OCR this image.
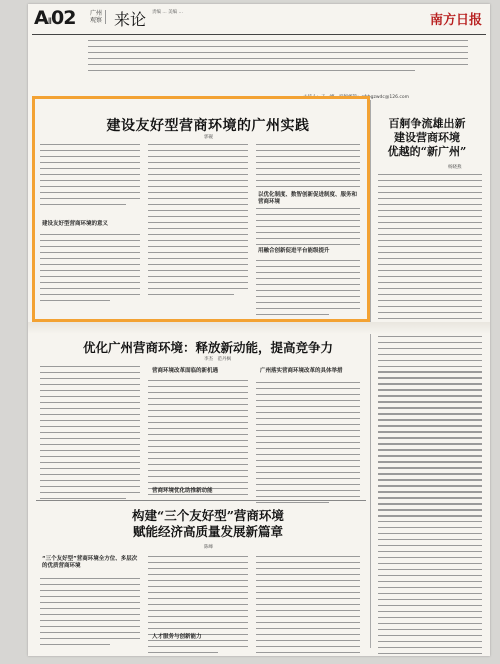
AII02 广州
观察 来论 责编 ... 美编 ...
南方日报
主持人：王一博　投稿邮箱：nfrbgzwdc@126.com
建设友好型营商环境的广州实践
郭砚
建设友好型营商环境的意义
以优化制度、数智创新促进制度、服务和营商环境
用融合创新促进平台能级提升
百舸争流雄出新
建设营商环境
优越的“新广州”
杨晓燕
优化广州营商环境：释放新动能，提高竞争力
李杰　范丹枫
营商环境改革面临的新机遇	广州落实营商环境改革的具体举措
营商环境优化助推新动能
构建“三个友好型”营商环境
赋能经济高质量发展新篇章
陈峰
“三个友好型”营商环境全方位、多层次的优质营商环境
人才服务与创新能力
